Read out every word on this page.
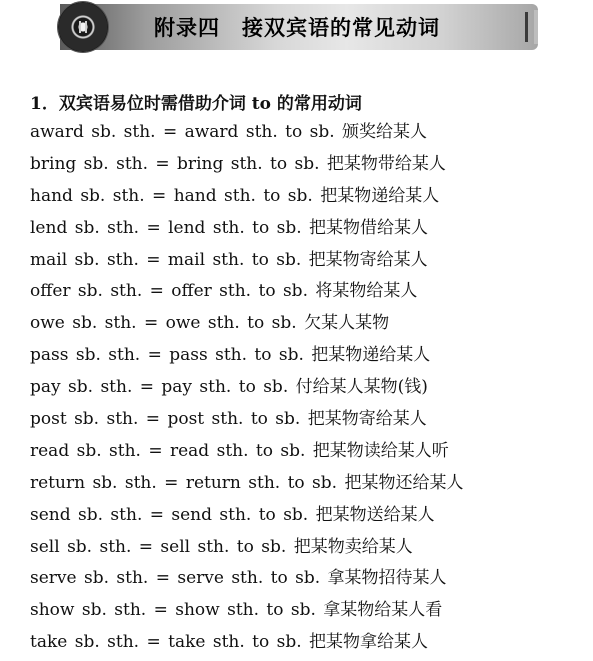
附录四　接双宾语的常见动词
1．双宾语易位时需借助介词 to 的常用动词
award sb. sth. = award sth. to sb. 颁奖给某人
bring sb. sth. = bring sth. to sb. 把某物带给某人
hand sb. sth. = hand sth. to sb. 把某物递给某人
lend sb. sth. = lend sth. to sb. 把某物借给某人
mail sb. sth. = mail sth. to sb. 把某物寄给某人
offer sb. sth. = offer sth. to sb. 将某物给某人
owe sb. sth. = owe sth. to sb. 欠某人某物
pass sb. sth. = pass sth. to sb. 把某物递给某人
pay sb. sth. = pay sth. to sb. 付给某人某物(钱)
post sb. sth. = post sth. to sb. 把某物寄给某人
read sb. sth. = read sth. to sb. 把某物读给某人听
return sb. sth. = return sth. to sb. 把某物还给某人
send sb. sth. = send sth. to sb. 把某物送给某人
sell sb. sth. = sell sth. to sb. 把某物卖给某人
serve sb. sth. = serve sth. to sb. 拿某物招待某人
show sb. sth. = show sth. to sb. 拿某物给某人看
take sb. sth. = take sth. to sb. 把某物拿给某人
